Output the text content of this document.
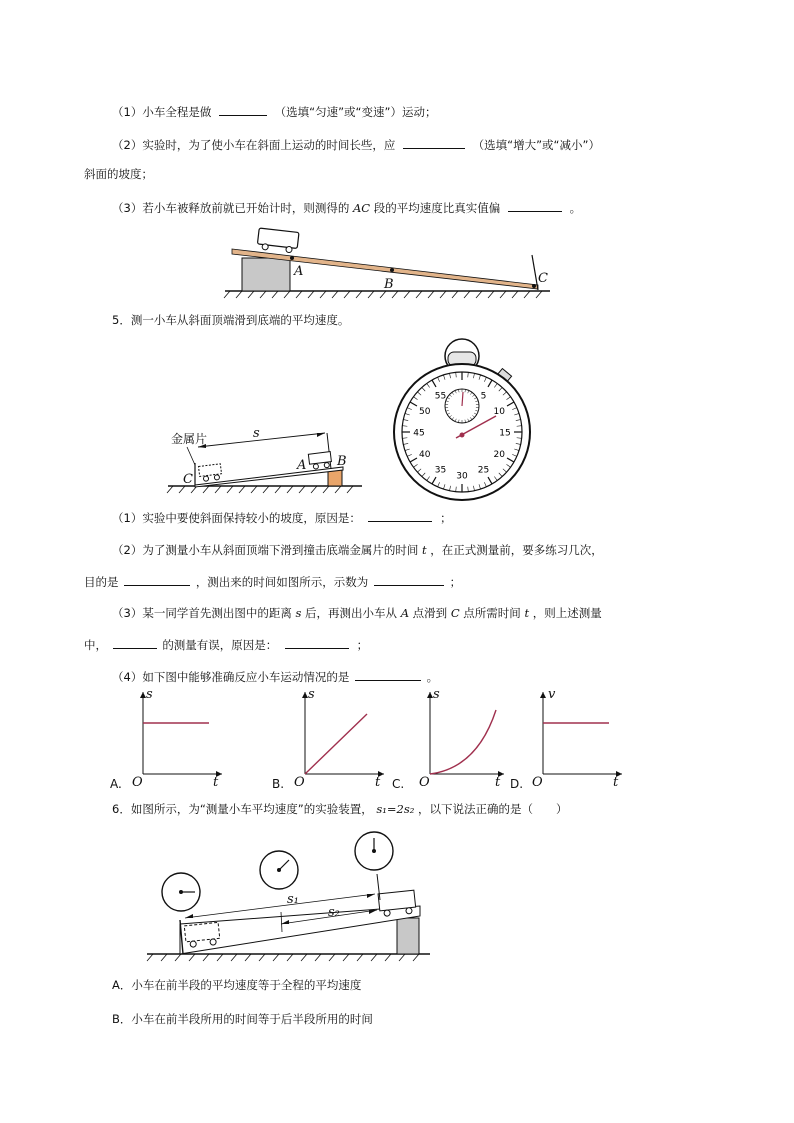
（1）小车全程是做	（选填“匀速”或“变速”）运动；
（2）实验时，为了使小车在斜面上运动的时间长些，应	（选填“增大”或“减小”）
斜面的坡度；
（3）若小车被释放前就已开始计时，则测得的 AC 段的平均速度比真实值偏	。
A
B	C
5．测一小车从斜面顶端滑到底端的平均速度。
s
金属片
C
A B
55	5
10
15
20
25
30
35
40
45
50
（1）实验中要使斜面保持较小的坡度，原因是：	；
（2）为了测量小车从斜面顶端下滑到撞击底端金属片的时间 t ，在正式测量前，要多练习几次，
目的是	，测出来的时间如图所示，示数为	；
（3）某一同学首先测出图中的距离 s 后，再测出小车从 A 点滑到 C 点所需时间 t ，则上述测量
中，	的测量有误，原因是：	；
（4）如下图中能够准确反应小车运动情况的是	。
s
t
O
A.
s
t
O
B.
s
t
O
C.
v
t
O
D.
6．如图所示，为“测量小车平均速度”的实验装置， s₁=2s₂ ，以下说法正确的是（　　）
s₁
s₂
A．小车在前半段的平均速度等于全程的平均速度
B．小车在前半段所用的时间等于后半段所用的时间
